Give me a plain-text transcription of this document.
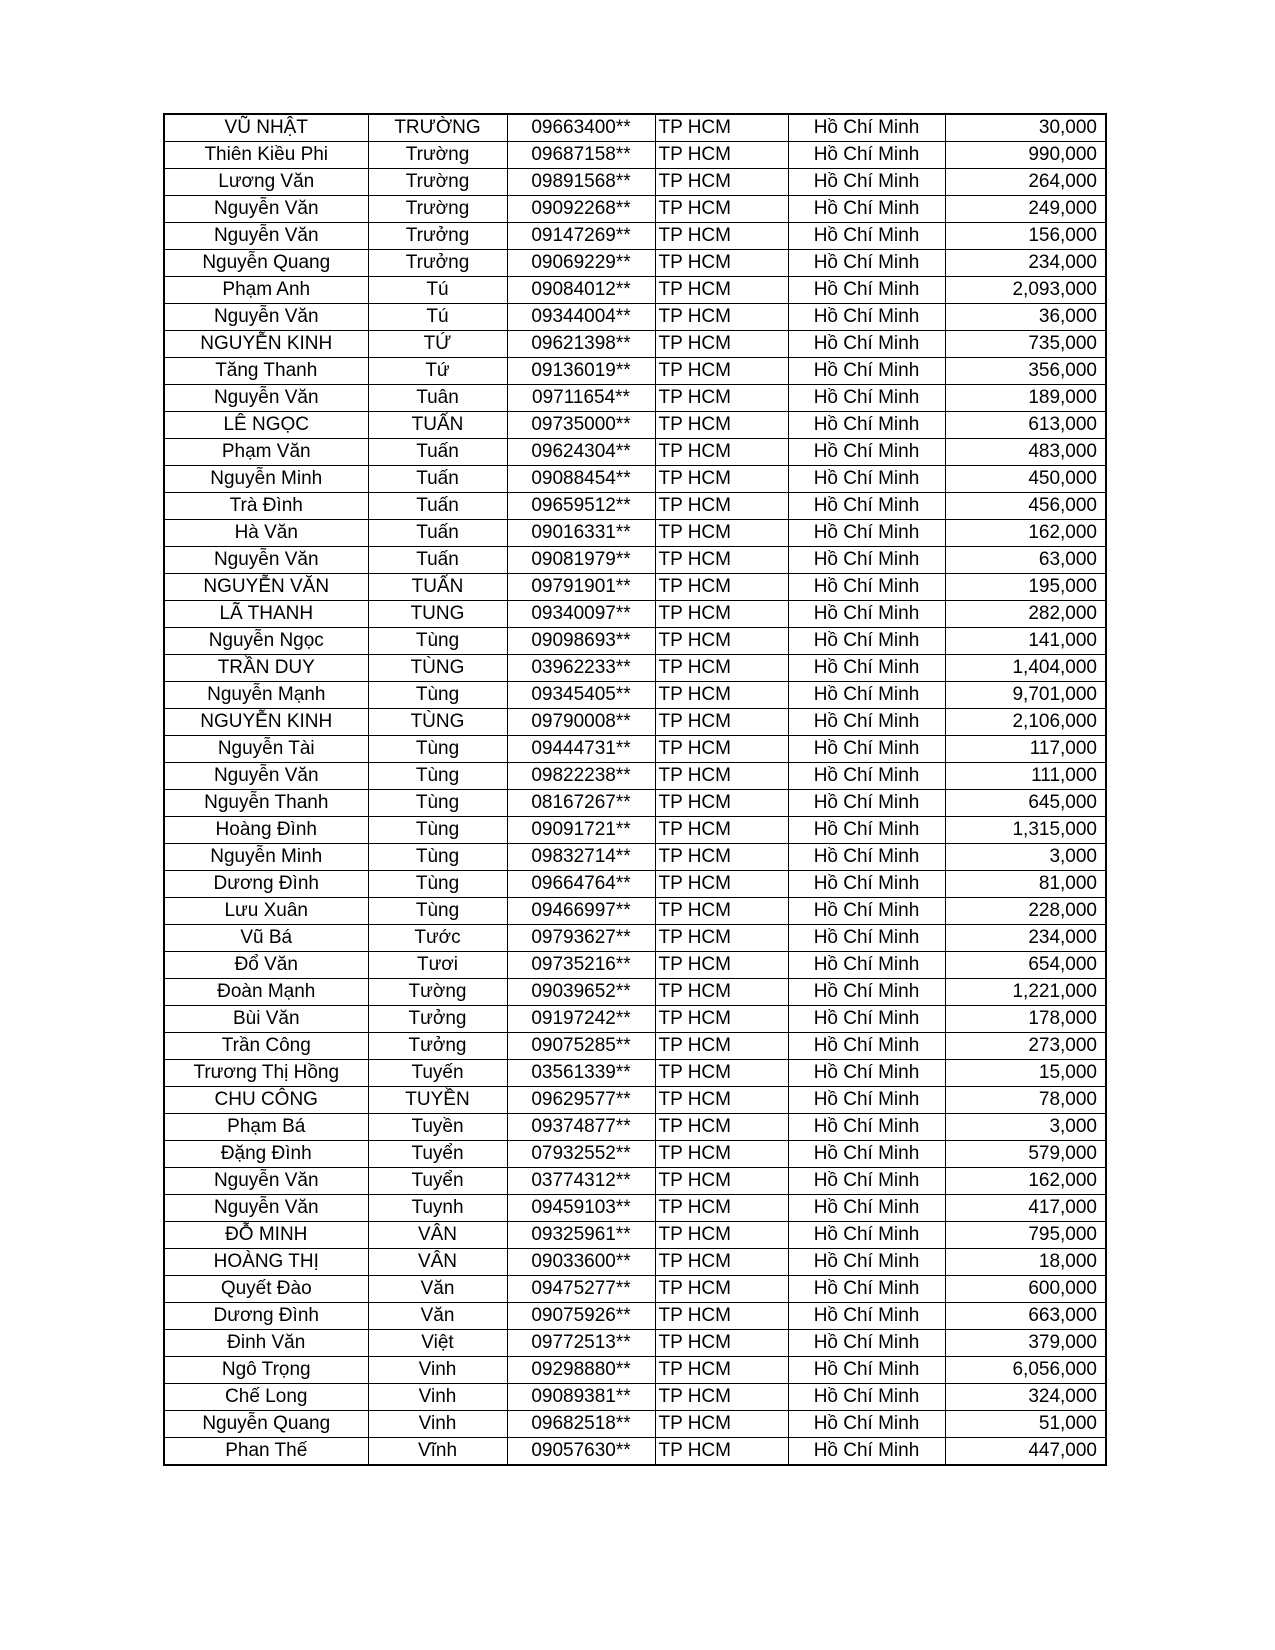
VŨ NHẬT	TRƯỜNG	09663400**	TP HCM	Hồ Chí Minh	30,000
Thiên Kiều Phi	Trường	09687158**	TP HCM	Hồ Chí Minh	990,000
Lương Văn	Trường	09891568**	TP HCM	Hồ Chí Minh	264,000
Nguyễn Văn	Trường	09092268**	TP HCM	Hồ Chí Minh	249,000
Nguyễn Văn	Trưởng	09147269**	TP HCM	Hồ Chí Minh	156,000
Nguyễn Quang	Trưởng	09069229**	TP HCM	Hồ Chí Minh	234,000
Phạm Anh	Tú	09084012**	TP HCM	Hồ Chí Minh	2,093,000
Nguyễn Văn	Tú	09344004**	TP HCM	Hồ Chí Minh	36,000
NGUYỄN KINH	TỨ	09621398**	TP HCM	Hồ Chí Minh	735,000
Tăng Thanh	Tứ	09136019**	TP HCM	Hồ Chí Minh	356,000
Nguyễn Văn	Tuân	09711654**	TP HCM	Hồ Chí Minh	189,000
LÊ NGỌC	TUẤN	09735000**	TP HCM	Hồ Chí Minh	613,000
Phạm Văn	Tuấn	09624304**	TP HCM	Hồ Chí Minh	483,000
Nguyễn Minh	Tuấn	09088454**	TP HCM	Hồ Chí Minh	450,000
Trà Đình	Tuấn	09659512**	TP HCM	Hồ Chí Minh	456,000
Hà Văn	Tuấn	09016331**	TP HCM	Hồ Chí Minh	162,000
Nguyễn Văn	Tuấn	09081979**	TP HCM	Hồ Chí Minh	63,000
NGUYỄN VĂN	TUẤN	09791901**	TP HCM	Hồ Chí Minh	195,000
LÃ THANH	TUNG	09340097**	TP HCM	Hồ Chí Minh	282,000
Nguyễn Ngọc	Tùng	09098693**	TP HCM	Hồ Chí Minh	141,000
TRẦN DUY	TÙNG	03962233**	TP HCM	Hồ Chí Minh	1,404,000
Nguyễn Mạnh	Tùng	09345405**	TP HCM	Hồ Chí Minh	9,701,000
NGUYỄN KINH	TÙNG	09790008**	TP HCM	Hồ Chí Minh	2,106,000
Nguyễn Tài	Tùng	09444731**	TP HCM	Hồ Chí Minh	117,000
Nguyễn Văn	Tùng	09822238**	TP HCM	Hồ Chí Minh	111,000
Nguyễn Thanh	Tùng	08167267**	TP HCM	Hồ Chí Minh	645,000
Hoàng Đình	Tùng	09091721**	TP HCM	Hồ Chí Minh	1,315,000
Nguyễn Minh	Tùng	09832714**	TP HCM	Hồ Chí Minh	3,000
Dương Đình	Tùng	09664764**	TP HCM	Hồ Chí Minh	81,000
Lưu Xuân	Tùng	09466997**	TP HCM	Hồ Chí Minh	228,000
Vũ Bá	Tước	09793627**	TP HCM	Hồ Chí Minh	234,000
Đổ Văn	Tươi	09735216**	TP HCM	Hồ Chí Minh	654,000
Đoàn Mạnh	Tường	09039652**	TP HCM	Hồ Chí Minh	1,221,000
Bùi Văn	Tưởng	09197242**	TP HCM	Hồ Chí Minh	178,000
Trần Công	Tưởng	09075285**	TP HCM	Hồ Chí Minh	273,000
Trương Thị Hồng	Tuyến	03561339**	TP HCM	Hồ Chí Minh	15,000
CHU CÔNG	TUYỀN	09629577**	TP HCM	Hồ Chí Minh	78,000
Phạm Bá	Tuyền	09374877**	TP HCM	Hồ Chí Minh	3,000
Đặng Đình	Tuyển	07932552**	TP HCM	Hồ Chí Minh	579,000
Nguyễn Văn	Tuyển	03774312**	TP HCM	Hồ Chí Minh	162,000
Nguyễn Văn	Tuynh	09459103**	TP HCM	Hồ Chí Minh	417,000
ĐỖ MINH	VÂN	09325961**	TP HCM	Hồ Chí Minh	795,000
HOÀNG THỊ	VÂN	09033600**	TP HCM	Hồ Chí Minh	18,000
Quyết Đào	Văn	09475277**	TP HCM	Hồ Chí Minh	600,000
Dương Đình	Văn	09075926**	TP HCM	Hồ Chí Minh	663,000
Đinh Văn	Việt	09772513**	TP HCM	Hồ Chí Minh	379,000
Ngô Trọng	Vinh	09298880**	TP HCM	Hồ Chí Minh	6,056,000
Chế Long	Vinh	09089381**	TP HCM	Hồ Chí Minh	324,000
Nguyễn Quang	Vinh	09682518**	TP HCM	Hồ Chí Minh	51,000
Phan Thế	Vĩnh	09057630**	TP HCM	Hồ Chí Minh	447,000
